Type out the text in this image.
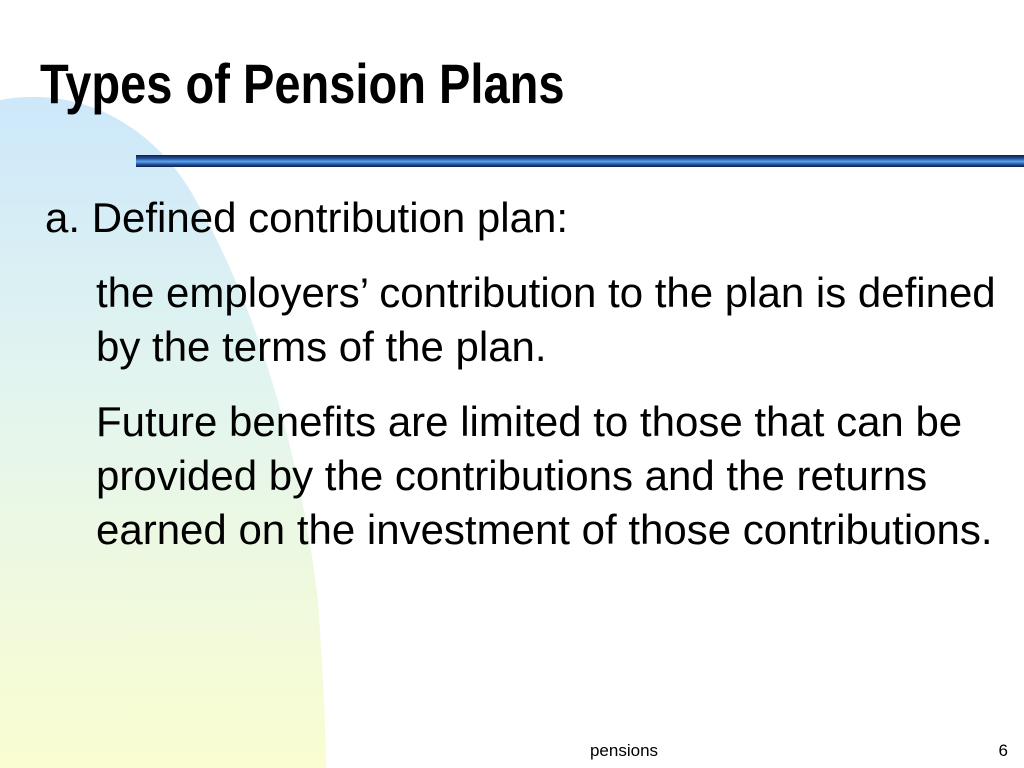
Types of Pension Plans

a. Defined contribution plan:

the employers’ contribution to the plan is defined by the terms of the plan.

Future benefits are limited to those that can be provided by the contributions and the returns earned on the investment of those contributions.

pensions	6
